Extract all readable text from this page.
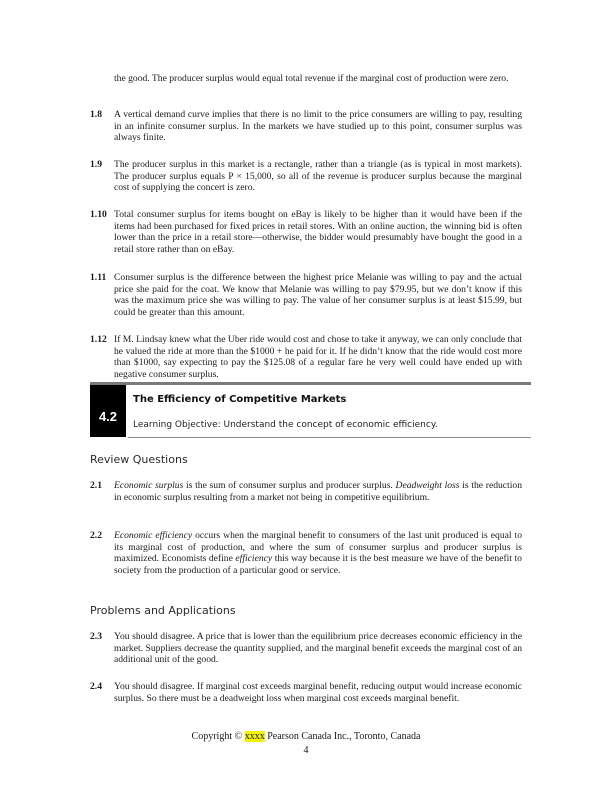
the good. The producer surplus would equal total revenue if the marginal cost of production were zero.

1.8	A vertical demand curve implies that there is no limit to the price consumers are willing to pay, resulting in an infinite consumer surplus. In the markets we have studied up to this point, consumer surplus was always finite.
1.9	The producer surplus in this market is a rectangle, rather than a triangle (as is typical in most markets). The producer surplus equals P × 15,000, so all of the revenue is producer surplus because the marginal cost of supplying the concert is zero.
1.10 Total consumer surplus for items bought on eBay is likely to be higher than it would have been if the items had been purchased for fixed prices in retail stores. With an online auction, the winning bid is often lower than the price in a retail store—otherwise, the bidder would presumably have bought the good in a retail store rather than on eBay.
1.11 Consumer surplus is the difference between the highest price Melanie was willing to pay and the actual price she paid for the coat. We know that Melanie was willing to pay $79.95, but we don’t know if this was the maximum price she was willing to pay. The value of her consumer surplus is at least $15.99, but could be greater than this amount.
1.12 If M. Lindsay knew what the Uber ride would cost and chose to take it anyway, we can only conclude that he valued the ride at more than the $1000 + he paid for it. If he didn’t know that the ride would cost more than $1000, say expecting to pay the $125.08 of a regular fare he very well could have ended up with negative consumer surplus.
4.2
The Efficiency of Competitive Markets
Learning Objective: Understand the concept of economic efficiency.
Review Questions
2.1	Economic surplus is the sum of consumer surplus and producer surplus. Deadweight loss is the reduction in economic surplus resulting from a market not being in competitive equilibrium.
2.2	Economic efficiency occurs when the marginal benefit to consumers of the last unit produced is equal to its marginal cost of production, and where the sum of consumer surplus and producer surplus is maximized. Economists define efficiency this way because it is the best measure we have of the benefit to society from the production of a particular good or service.
Problems and Applications
2.3	You should disagree. A price that is lower than the equilibrium price decreases economic efficiency in the market. Suppliers decrease the quantity supplied, and the marginal benefit exceeds the marginal cost of an additional unit of the good.
2.4	You should disagree. If marginal cost exceeds marginal benefit, reducing output would increase economic surplus. So there must be a deadweight loss when marginal cost exceeds marginal benefit.
Copyright © xxxx Pearson Canada Inc., Toronto, Canada
4
